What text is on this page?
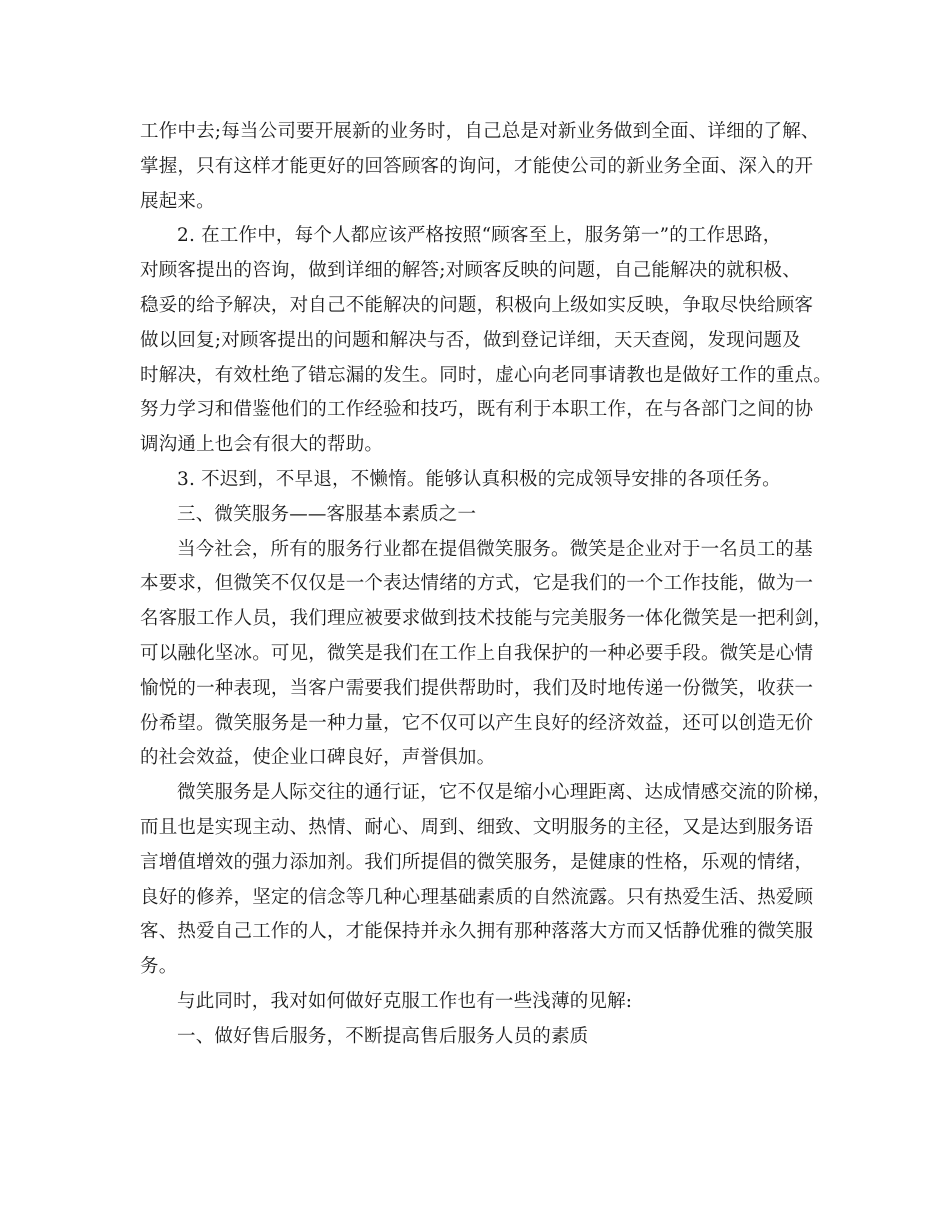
工作中去;每当公司要开展新的业务时，自己总是对新业务做到全面、详细的了解、
掌握，只有这样才能更好的回答顾客的询问，才能使公司的新业务全面、深入的开
展起来。
2. 在工作中，每个人都应该严格按照“顾客至上，服务第一”的工作思路，
对顾客提出的咨询，做到详细的解答;对顾客反映的问题，自己能解决的就积极、
稳妥的给予解决，对自己不能解决的问题，积极向上级如实反映，争取尽快给顾客
做以回复;对顾客提出的问题和解决与否，做到登记详细，天天查阅，发现问题及
时解决，有效杜绝了错忘漏的发生。同时，虚心向老同事请教也是做好工作的重点。
努力学习和借鉴他们的工作经验和技巧，既有利于本职工作，在与各部门之间的协
调沟通上也会有很大的帮助。
3. 不迟到，不早退，不懒惰。能够认真积极的完成领导安排的各项任务。
三、微笑服务——客服基本素质之一
当今社会，所有的服务行业都在提倡微笑服务。微笑是企业对于一名员工的基
本要求，但微笑不仅仅是一个表达情绪的方式，它是我们的一个工作技能，做为一
名客服工作人员，我们理应被要求做到技术技能与完美服务一体化微笑是一把利剑，
可以融化坚冰。可见，微笑是我们在工作上自我保护的一种必要手段。微笑是心情
愉悦的一种表现，当客户需要我们提供帮助时，我们及时地传递一份微笑，收获一
份希望。微笑服务是一种力量，它不仅可以产生良好的经济效益，还可以创造无价
的社会效益，使企业口碑良好，声誉俱加。
微笑服务是人际交往的通行证，它不仅是缩小心理距离、达成情感交流的阶梯，
而且也是实现主动、热情、耐心、周到、细致、文明服务的主径，又是达到服务语
言增值增效的强力添加剂。我们所提倡的微笑服务，是健康的性格，乐观的情绪，
良好的修养，坚定的信念等几种心理基础素质的自然流露。只有热爱生活、热爱顾
客、热爱自己工作的人，才能保持并永久拥有那种落落大方而又恬静优雅的微笑服
务。
与此同时，我对如何做好克服工作也有一些浅薄的见解:
一、做好售后服务，不断提高售后服务人员的素质
